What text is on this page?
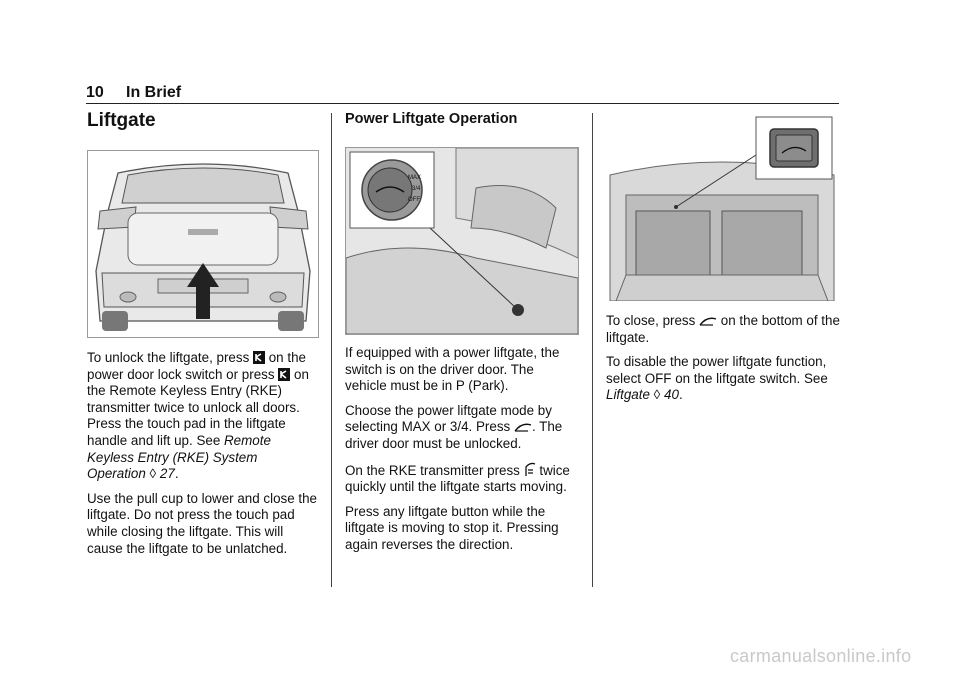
10 In Brief
Liftgate

To unlock the liftgate, press on the power door lock switch or press on the Remote Keyless Entry (RKE) transmitter twice to unlock all doors. Press the touch pad in the liftgate handle and lift up. See Remote Keyless Entry (RKE) System Operation ◊ 27.

Use the pull cup to lower and close the liftgate. Do not press the touch pad while closing the liftgate. This will cause the liftgate to be unlatched.

Power Liftgate Operation
MAX
3/4
OFF

If equipped with a power liftgate, the switch is on the driver door. The vehicle must be in P (Park).

Choose the power liftgate mode by selecting MAX or 3/4. Press . The driver door must be unlocked.

On the RKE transmitter press twice quickly until the liftgate starts moving.

Press any liftgate button while the liftgate is moving to stop it. Pressing again reverses the direction.

To close, press on the bottom of the liftgate.

To disable the power liftgate function, select OFF on the liftgate switch. See Liftgate ◊ 40.

carmanualsonline.info
